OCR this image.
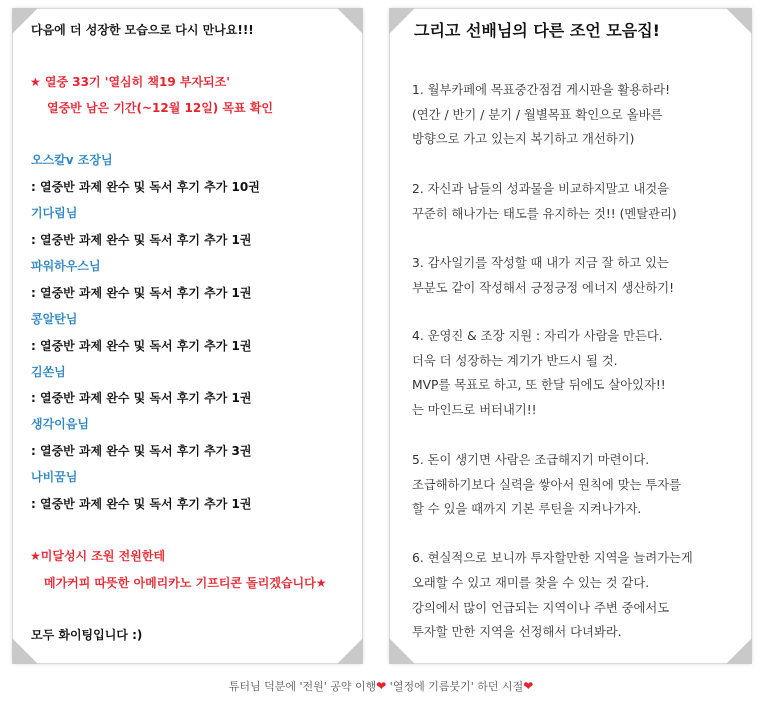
다음에 더 성장한 모습으로 다시 만나요!!!
★ 열중 33기 '열심히 책19 부자되조'
열중반 남은 기간(~12월 12일) 목표 확인
오스칼v 조장님
: 열중반 과제 완수 및 독서 후기 추가 10권
기다림님
: 열중반 과제 완수 및 독서 후기 추가 1권
파워하우스님
: 열중반 과제 완수 및 독서 후기 추가 1권
콩알탄님
: 열중반 과제 완수 및 독서 후기 추가 1권
김쏜님
: 열중반 과제 완수 및 독서 후기 추가 1권
생각이음님
: 열중반 과제 완수 및 독서 후기 추가 3권
나비꿈님
: 열중반 과제 완수 및 독서 후기 추가 1권
★미달성시 조원 전원한테
메가커피 따뜻한 아메리카노 기프티콘 돌리겠습니다★
모두 화이팅입니다 :)
그리고 선배님의 다른 조언 모음집!
1. 월부카페에 목표중간점검 게시판을 활용하라!
(연간 / 반기 / 분기 / 월별목표 확인으로 올바른
방향으로 가고 있는지 복기하고 개선하기)
2. 자신과 남들의 성과물을 비교하지말고 내것을
꾸준히 해나가는 태도를 유지하는 것!! (멘탈관리)
3. 감사일기를 작성할 때 내가 지금 잘 하고 있는
부분도 같이 작성해서 긍정긍정 에너지 생산하기!
4. 운영진 & 조장 지원 : 자리가 사람을 만든다.
더욱 더 성장하는 계기가 반드시 될 것.
MVP를 목표로 하고, 또 한달 뒤에도 살아있자!!
는 마인드로 버터내기!!
5. 돈이 생기면 사람은 조급해지기 마련이다.
조급해하기보다 실력을 쌓아서 원칙에 맞는 투자를
할 수 있을 때까지 기본 루틴을 지켜나가자.
6. 현실적으로 보니까 투자할만한 지역을 늘려가는게
오래할 수 있고 재미를 찾을 수 있는 것 같다.
강의에서 많이 언급되는 지역이나 주변 중에서도
투자할 만한 지역을 선정해서 다녀봐라.
튜터님 덕분에 '전원' 공약 이행❤ '열정에 기름붓기' 하던 시절❤
